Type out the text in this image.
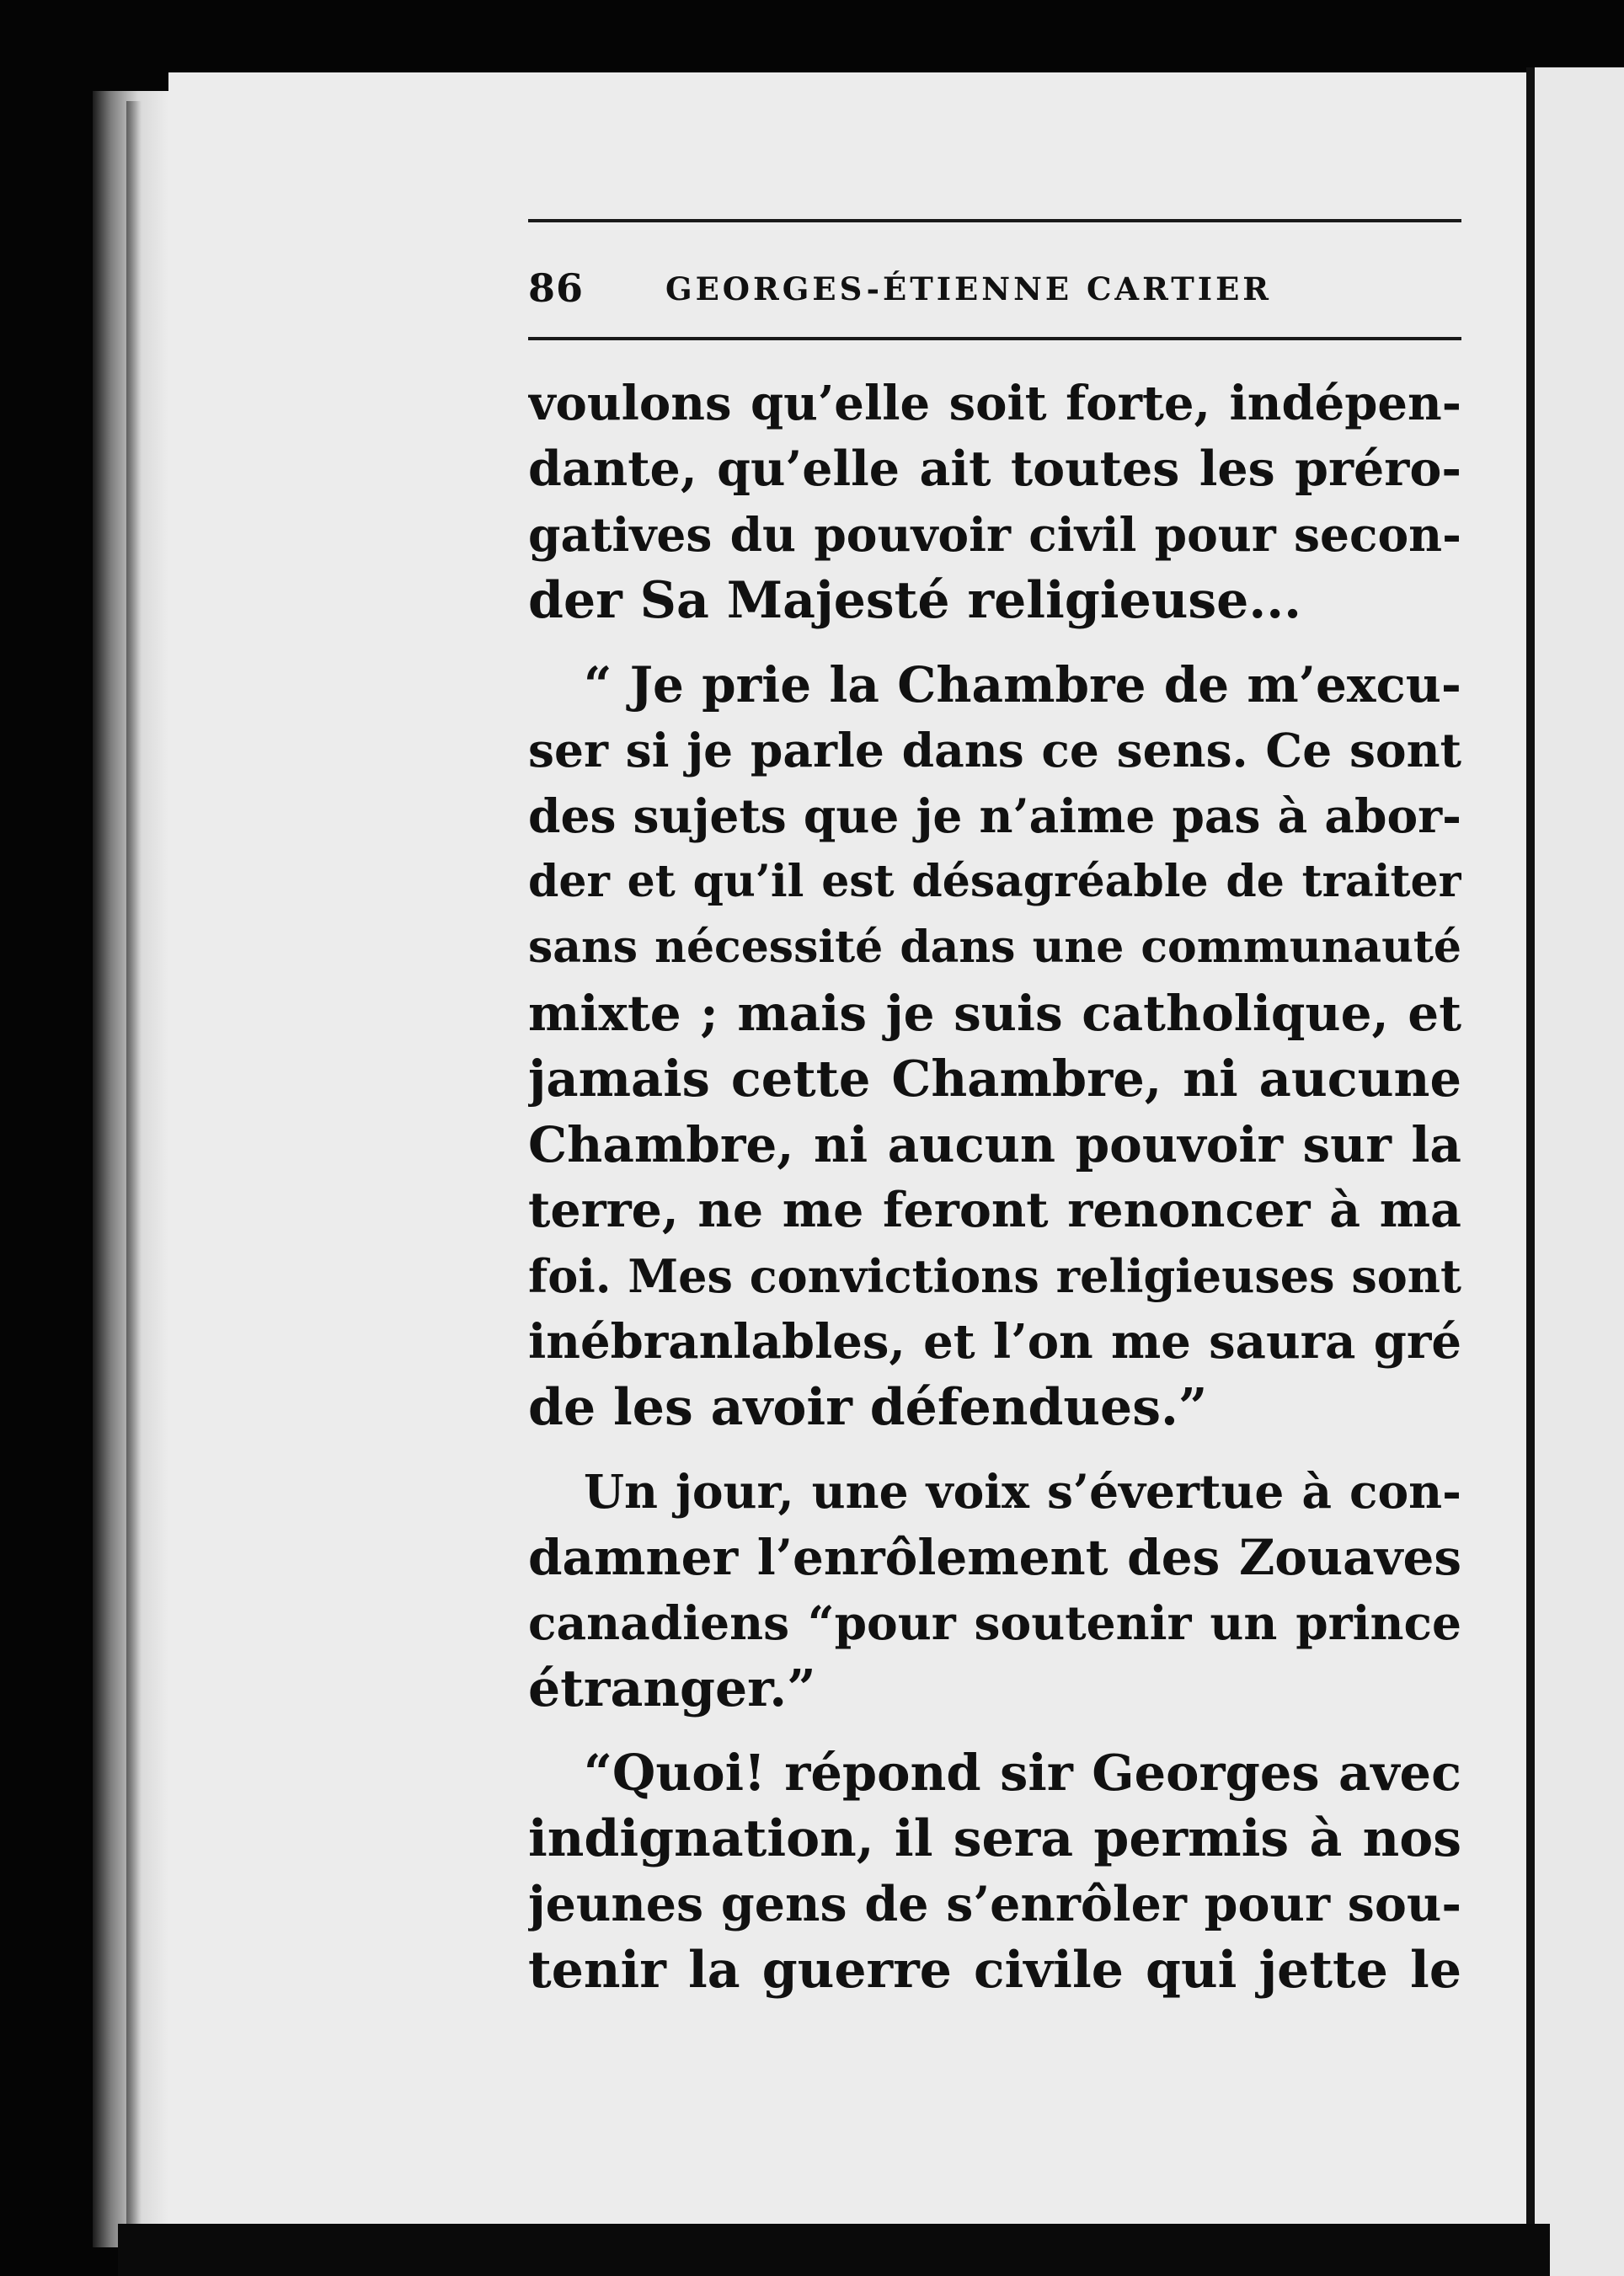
86	GEORGES-ÉTIENNE CARTIER

voulons qu’elle soit forte, indépen-
dante, qu’elle ait toutes les préro-
gatives du pouvoir civil pour secon-
der Sa Majesté religieuse...

“ Je prie la Chambre de m’excu-
ser si je parle dans ce sens. Ce sont
des sujets que je n’aime pas à abor-
der et qu’il est désagréable de traiter
sans nécessité dans une communauté
mixte ; mais je suis catholique, et
jamais cette Chambre, ni aucune
Chambre, ni aucun pouvoir sur la
terre, ne me feront renoncer à ma
foi. Mes convictions religieuses sont
inébranlables, et l’on me saura gré
de les avoir défendues.”

Un jour, une voix s’évertue à con-
damner l’enrôlement des Zouaves
canadiens “pour soutenir un prince
étranger.”

“Quoi! répond sir Georges avec
indignation, il sera permis à nos
jeunes gens de s’enrôler pour sou-
tenir la guerre civile qui jette le
